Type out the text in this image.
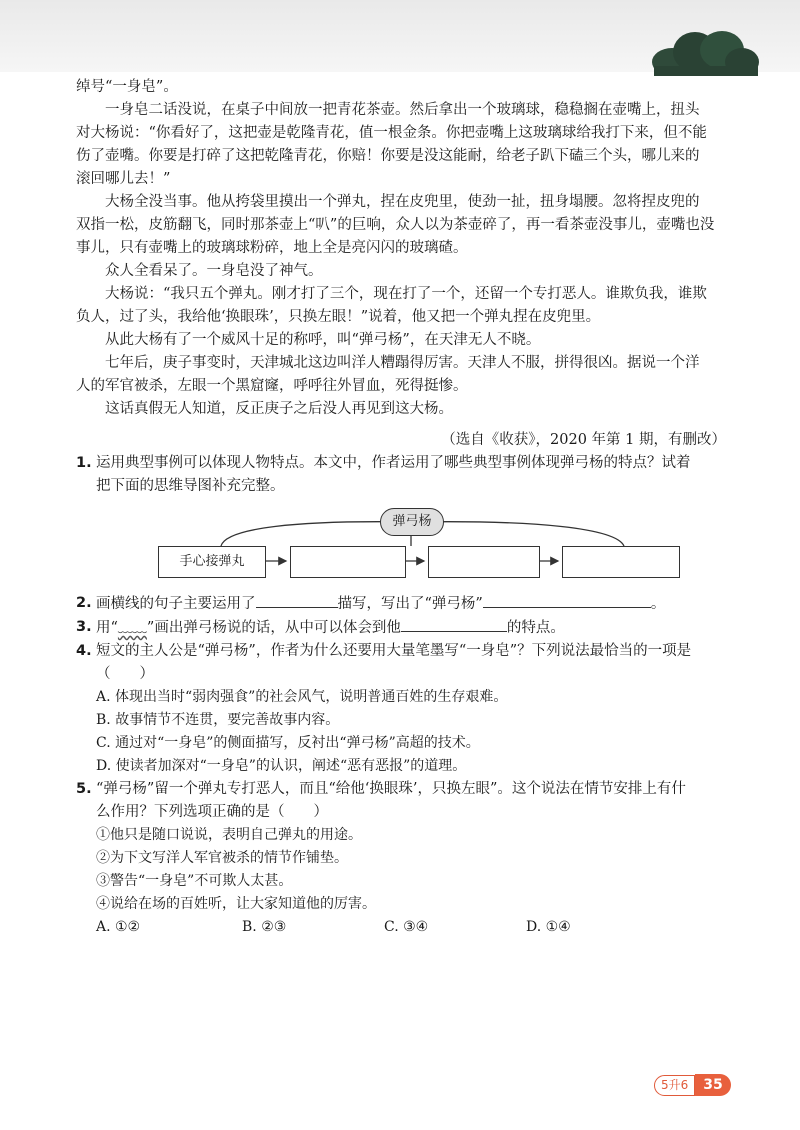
绰号“一身皂”。

一身皂二话没说，在桌子中间放一把青花茶壶。然后拿出一个玻璃球，稳稳搁在壶嘴上，扭头

对大杨说：“你看好了，这把壶是乾隆青花，值一根金条。你把壶嘴上这玻璃球给我打下来，但不能

伤了壶嘴。你要是打碎了这把乾隆青花，你赔！你要是没这能耐，给老子趴下磕三个头，哪儿来的

滚回哪儿去！”

大杨全没当事。他从挎袋里摸出一个弹丸，捏在皮兜里，使劲一扯，扭身塌腰。忽将捏皮兜的

双指一松，皮筋翻飞，同时那茶壶上“叭”的巨响，众人以为茶壶碎了，再一看茶壶没事儿，壶嘴也没

事儿，只有壶嘴上的玻璃球粉碎，地上全是亮闪闪的玻璃碴。

众人全看呆了。一身皂没了神气。

大杨说：“我只五个弹丸。刚才打了三个，现在打了一个，还留一个专打恶人。谁欺负我，谁欺

负人，过了头，我给他‘换眼珠’，只换左眼！”说着，他又把一个弹丸捏在皮兜里。

从此大杨有了一个威风十足的称呼，叫“弹弓杨”，在天津无人不晓。

七年后，庚子事变时，天津城北这边叫洋人糟蹋得厉害。天津人不服，拼得很凶。据说一个洋

人的军官被杀，左眼一个黑窟窿，呼呼往外冒血，死得挺惨。

这话真假无人知道，反正庚子之后没人再见到这大杨。

（选自《收获》，2020 年第 1 期，有删改）

1. 运用典型事例可以体现人物特点。本文中，作者运用了哪些典型事例体现弹弓杨的特点？试着
把下面的思维导图补充完整。
弹弓杨
手心接弹丸
2. 画横线的句子主要运用了	描写，写出了“弹弓杨”	。
3. 用“﹏﹏”画出弹弓杨说的话，从中可以体会到他	的特点。
4. 短文的主人公是“弹弓杨”，作者为什么还要用大量笔墨写“一身皂”？下列说法最恰当的一项是
（　　）

A. 体现出当时“弱肉强食”的社会风气，说明普通百姓的生存艰难。

B. 故事情节不连贯，要完善故事内容。

C. 通过对“一身皂”的侧面描写，反衬出“弹弓杨”高超的技术。

D. 使读者加深对“一身皂”的认识，阐述“恶有恶报”的道理。

5. “弹弓杨”留一个弹丸专打恶人，而且“给他‘换眼珠’，只换左眼”。这个说法在情节安排上有什
么作用？下列选项正确的是（　　）

①他只是随口说说，表明自己弹丸的用途。

②为下文写洋人军官被杀的情节作铺垫。

③警告“一身皂”不可欺人太甚。

④说给在场的百姓听，让大家知道他的厉害。

A. ①②	B. ②③	C. ③④	D. ①④
5升6	35
